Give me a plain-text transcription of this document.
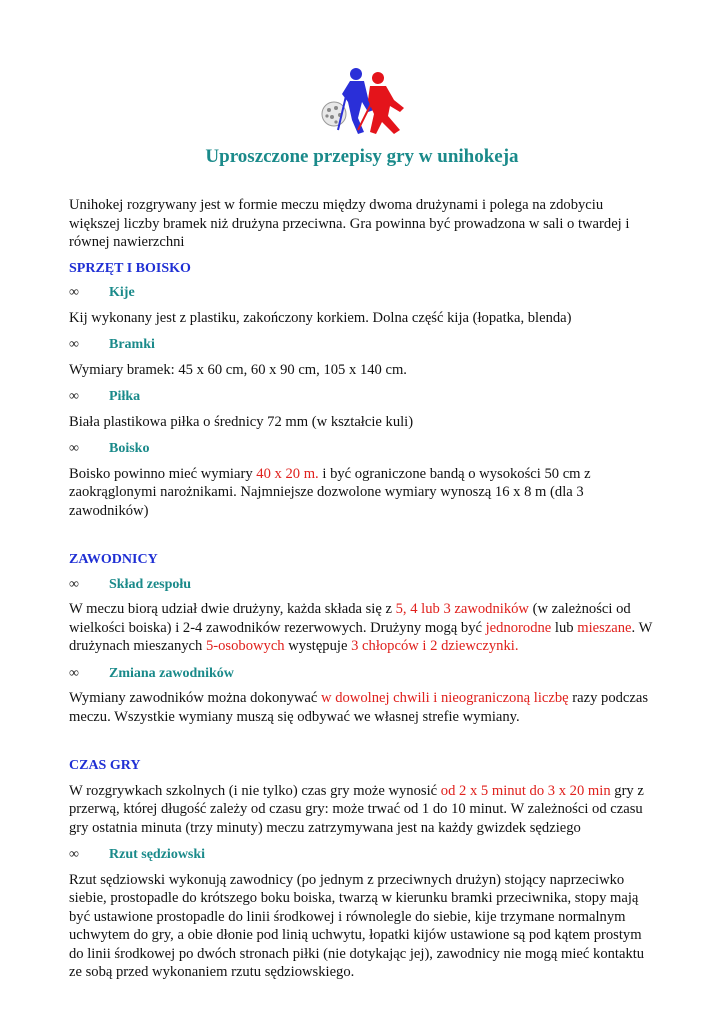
Uproszczone przepisy gry w unihokeja

Unihokej rozgrywany jest w formie meczu między dwoma drużynami i polega na zdobyciu większej liczby bramek niż drużyna przeciwna. Gra powinna być prowadzona w sali o twardej i równej nawierzchni

SPRZĘT I BOISKO

∞ Kije

Kij wykonany jest z plastiku, zakończony korkiem. Dolna część kija (łopatka, blenda)

∞ Bramki

Wymiary bramek: 45 x 60 cm, 60 x 90 cm, 105 x 140 cm.

∞ Piłka

Biała plastikowa piłka o średnicy 72 mm (w kształcie kuli)

∞ Boisko

Boisko powinno mieć wymiary 40 x 20 m. i być ograniczone bandą o wysokości 50 cm z zaokrąglonymi narożnikami. Najmniejsze dozwolone wymiary wynoszą 16 x 8 m (dla 3 zawodników)

ZAWODNICY

∞ Skład zespołu

W meczu biorą udział dwie drużyny, każda składa się z 5, 4 lub 3 zawodników (w zależności od wielkości boiska) i 2-4 zawodników rezerwowych. Drużyny mogą być jednorodne lub mieszane. W drużynach mieszanych 5-osobowych występuje 3 chłopców i 2 dziewczynki.

∞ Zmiana zawodników

Wymiany zawodników można dokonywać w dowolnej chwili i nieograniczoną liczbę razy podczas meczu. Wszystkie wymiany muszą się odbywać we własnej strefie wymiany.

CZAS GRY

W rozgrywkach szkolnych (i nie tylko) czas gry może wynosić od 2 x 5 minut do 3 x 20 min gry z przerwą, której długość zależy od czasu gry: może trwać od 1 do 10 minut. W zależności od czasu gry ostatnia minuta (trzy minuty) meczu zatrzymywana jest na każdy gwizdek sędziego

∞ Rzut sędziowski

Rzut sędziowski wykonują zawodnicy (po jednym z przeciwnych drużyn) stojący naprzeciwko siebie, prostopadle do krótszego boku boiska, twarzą w kierunku bramki przeciwnika, stopy mają być ustawione prostopadle do linii środkowej i równolegle do siebie, kije trzymane normalnym uchwytem do gry, a obie dłonie pod linią uchwytu, łopatki kijów ustawione są pod kątem prostym do linii środkowej po dwóch stronach piłki (nie dotykając jej), zawodnicy nie mogą mieć kontaktu ze sobą przed wykonaniem rzutu sędziowskiego.
